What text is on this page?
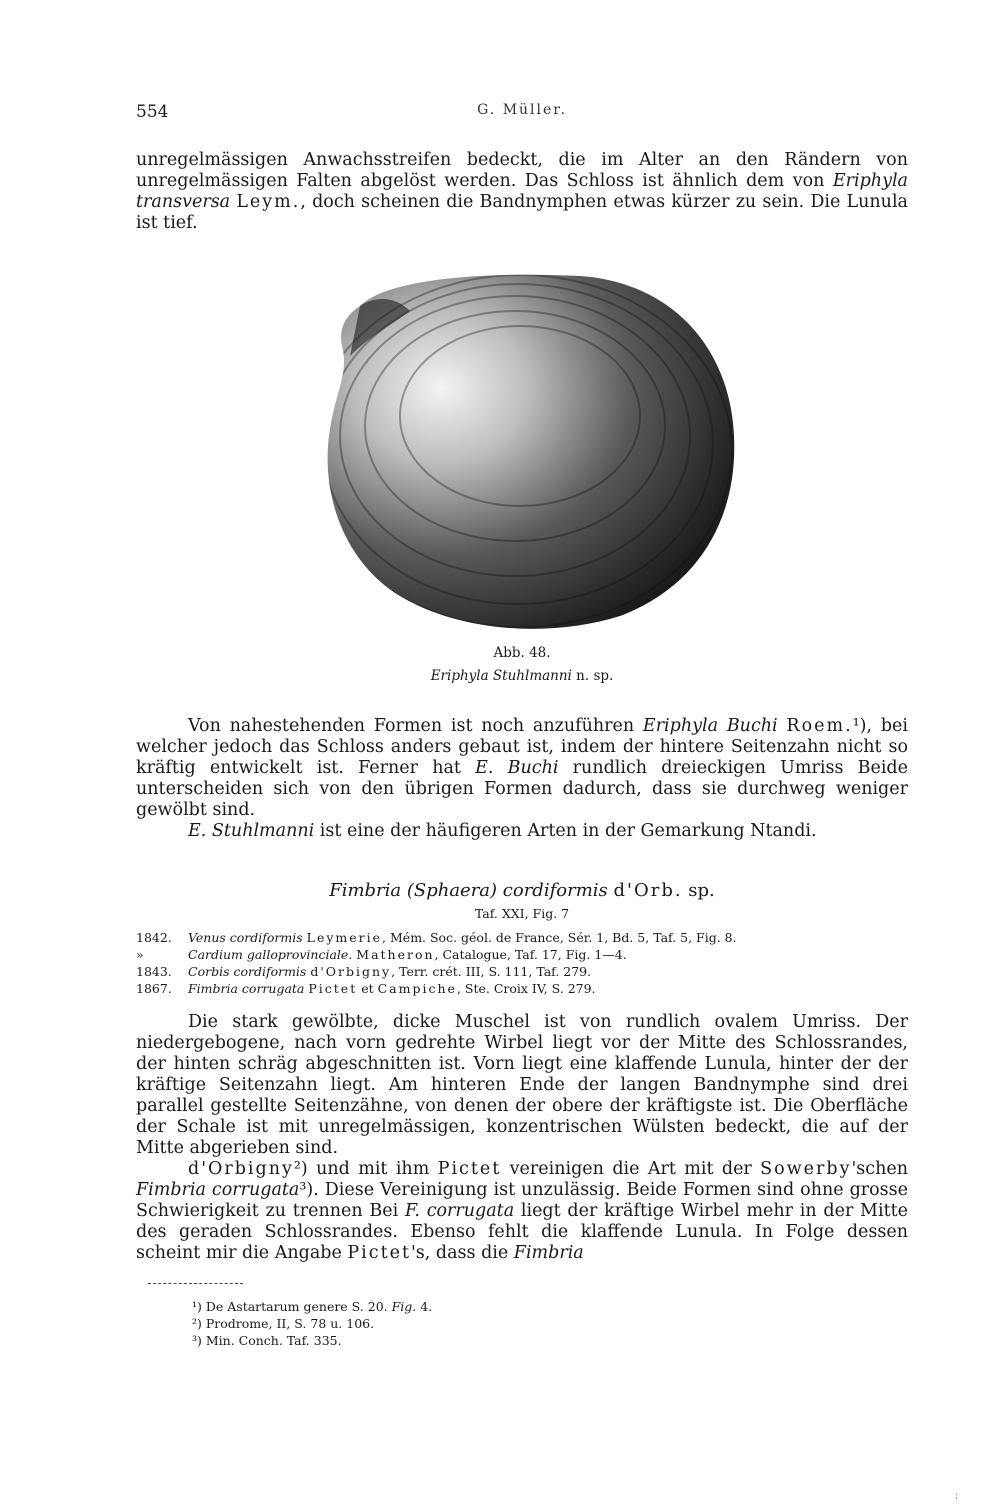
554	G. Müller.

unregelmässigen Anwachsstreifen bedeckt, die im Alter an den Rändern von unregelmässigen Falten abgelöst werden. Das Schloss ist ähnlich dem von Eriphyla transversa Leym., doch scheinen die Bandnymphen etwas kürzer zu sein. Die Lunula ist tief.

Abb. 48.
Eriphyla Stuhlmanni n. sp.

Von nahestehenden Formen ist noch anzuführen Eriphyla Buchi Roem.¹), bei welcher jedoch das Schloss anders gebaut ist, indem der hintere Seitenzahn nicht so kräftig entwickelt ist. Ferner hat E. Buchi rundlich dreieckigen Umriss Beide unterscheiden sich von den übrigen Formen dadurch, dass sie durchweg weniger gewölbt sind.

E. Stuhlmanni ist eine der häufigeren Arten in der Gemarkung Ntandi.

Fimbria (Sphaera) cordiformis d'Orb. sp.
Taf. XXI, Fig. 7
1842.	Venus cordiformis Leymerie, Mém. Soc. géol. de France, Sér. 1, Bd. 5, Taf. 5, Fig. 8.
»	Cardium galloprovinciale. Matheron, Catalogue, Taf. 17, Fig. 1—4.
1843.	Corbis cordiformis d'Orbigny, Terr. crét. III, S. 111, Taf. 279.
1867.	Fimbria corrugata Pictet et Campiche, Ste. Croix IV, S. 279.

Die stark gewölbte, dicke Muschel ist von rundlich ovalem Umriss. Der niedergebogene, nach vorn gedrehte Wirbel liegt vor der Mitte des Schlossrandes, der hinten schräg abgeschnitten ist. Vorn liegt eine klaffende Lunula, hinter der der kräftige Seitenzahn liegt. Am hinteren Ende der langen Bandnymphe sind drei parallel gestellte Seitenzähne, von denen der obere der kräftigste ist. Die Oberfläche der Schale ist mit unregelmässigen, konzentrischen Wülsten bedeckt, die auf der Mitte abgerieben sind.

d'Orbigny²) und mit ihm Pictet vereinigen die Art mit der Sowerby'schen Fimbria corrugata³). Diese Vereinigung ist unzulässig. Beide Formen sind ohne grosse Schwierigkeit zu trennen Bei F. corrugata liegt der kräftige Wirbel mehr in der Mitte des geraden Schlossrandes. Ebenso fehlt die klaffende Lunula. In Folge dessen scheint mir die Angabe Pictet's, dass die Fimbria

¹) De Astartarum genere S. 20. Fig. 4.
²) Prodrome, II, S. 78 u. 106.
³) Min. Conch. Taf. 335.
;
